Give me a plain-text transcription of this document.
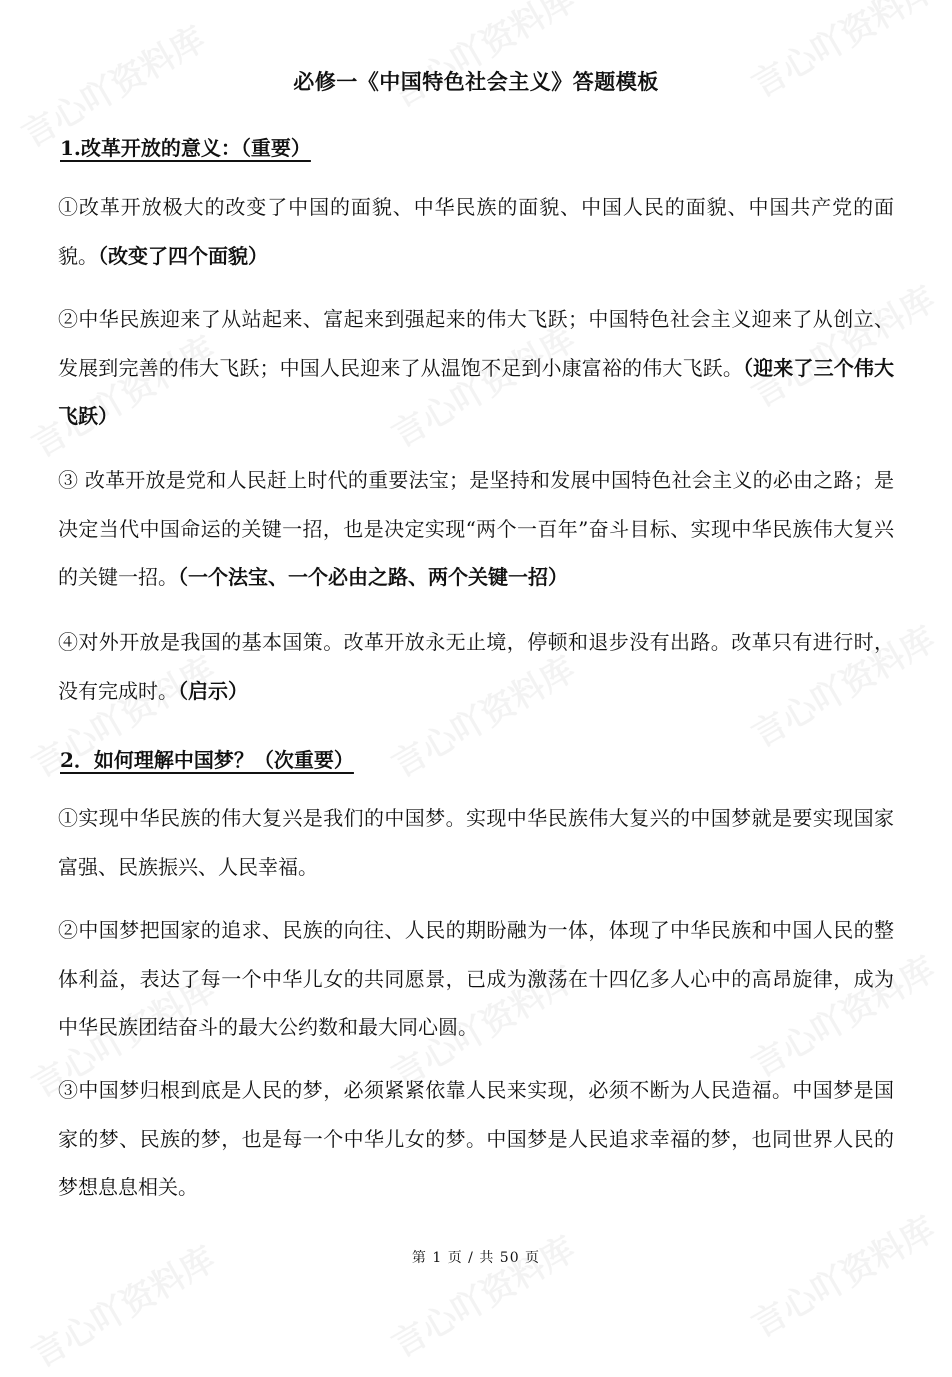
必修一《中国特色社会主义》答题模板
1.改革开放的意义：（重要）
①改革开放极大的改变了中国的面貌、中华民族的面貌、中国人民的面貌、中国共产党的面貌。（改变了四个面貌）
②中华民族迎来了从站起来、富起来到强起来的伟大飞跃；中国特色社会主义迎来了从创立、发展到完善的伟大飞跃；中国人民迎来了从温饱不足到小康富裕的伟大飞跃。（迎来了三个伟大飞跃）
③ 改革开放是党和人民赶上时代的重要法宝；是坚持和发展中国特色社会主义的必由之路；是决定当代中国命运的关键一招，也是决定实现“两个一百年”奋斗目标、实现中华民族伟大复兴的关键一招。（一个法宝、一个必由之路、两个关键一招）
④对外开放是我国的基本国策。改革开放永无止境，停顿和退步没有出路。改革只有进行时，没有完成时。（启示）
2．如何理解中国梦？（次重要）
①实现中华民族的伟大复兴是我们的中国梦。实现中华民族伟大复兴的中国梦就是要实现国家富强、民族振兴、人民幸福。
②中国梦把国家的追求、民族的向往、人民的期盼融为一体，体现了中华民族和中国人民的整体利益，表达了每一个中华儿女的共同愿景，已成为激荡在十四亿多人心中的高昂旋律，成为中华民族团结奋斗的最大公约数和最大同心圆。
③中国梦归根到底是人民的梦，必须紧紧依靠人民来实现，必须不断为人民造福。中国梦是国家的梦、民族的梦，也是每一个中华儿女的梦。中国梦是人民追求幸福的梦，也同世界人民的梦想息息相关。
第 1 页 / 共 50 页
